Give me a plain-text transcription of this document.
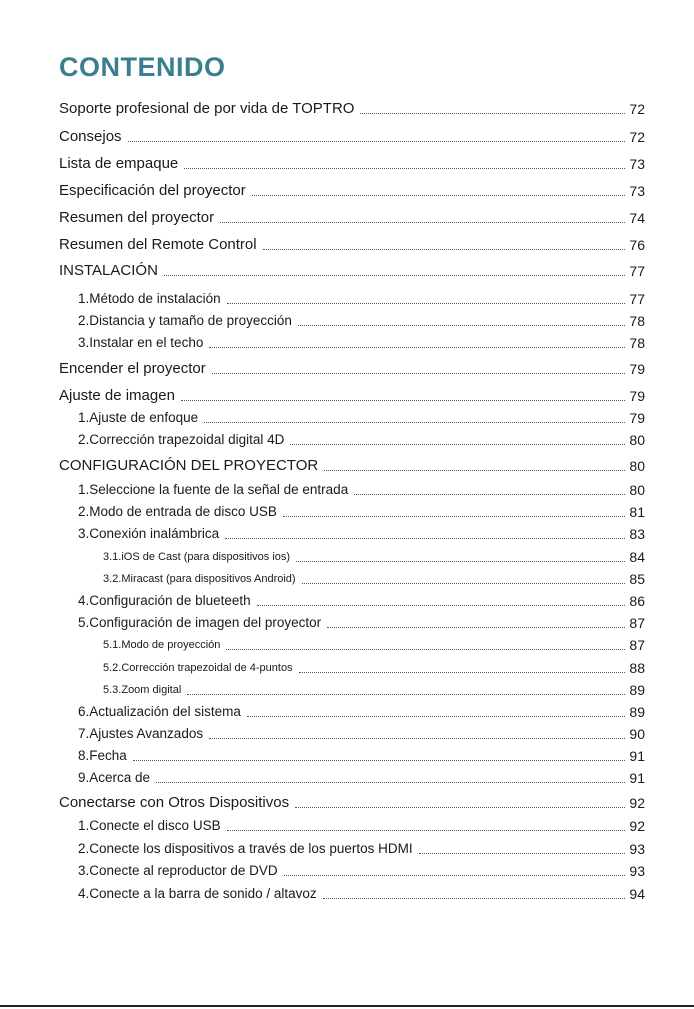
CONTENIDO
Soporte profesional de por vida de TOPTRO	72
Consejos	72
Lista de empaque	73
Especificación del proyector	73
Resumen del proyector	74
Resumen del Remote Control	76
INSTALACIÓN	77
1.Método de instalación	77
2.Distancia y tamaño de proyección	78
3.Instalar en el techo	78
Encender el proyector	79
Ajuste de imagen	79
1.Ajuste de enfoque	79
2.Corrección trapezoidal digital 4D	80
CONFIGURACIÓN DEL PROYECTOR	80
1.Seleccione la fuente de la señal de entrada	80
2.Modo de entrada de disco USB	81
3.Conexión inalámbrica	83
3.1.iOS de Cast (para dispositivos ios)	84
3.2.Miracast (para dispositivos Android)	85
4.Configuración de blueteeth	86
5.Configuración de imagen del proyector	87
5.1.Modo de proyección	87
5.2.Corrección trapezoidal de 4-puntos	88
5.3.Zoom digital	89
6.Actualización del sistema	89
7.Ajustes Avanzados	90
8.Fecha	91
9.Acerca de	91
Conectarse con Otros Dispositivos	92
1.Conecte el disco USB	92
2.Conecte los dispositivos a través de los puertos HDMI	93
3.Conecte al reproductor de DVD	93
4.Conecte a la barra de sonido / altavoz	94
